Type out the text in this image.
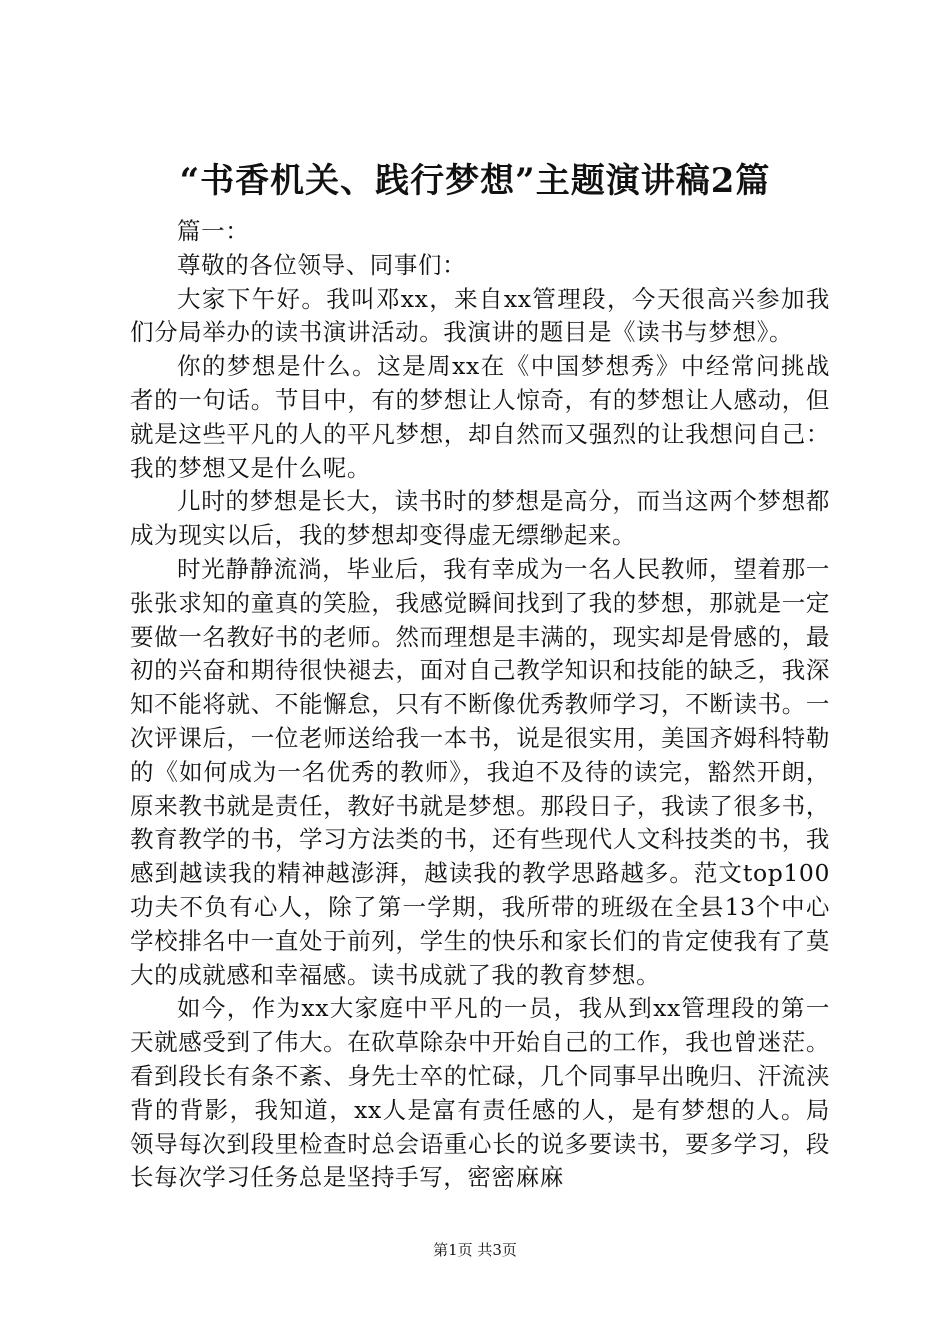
“书香机关、践行梦想”主题演讲稿2篇

篇一：

尊敬的各位领导、同事们：

大家下午好。我叫邓xx，来自xx管理段，今天很高兴参加我们分局举办的读书演讲活动。我演讲的题目是《读书与梦想》。

你的梦想是什么。这是周xx在《中国梦想秀》中经常问挑战者的一句话。节目中，有的梦想让人惊奇，有的梦想让人感动，但就是这些平凡的人的平凡梦想，却自然而又强烈的让我想问自己：我的梦想又是什么呢。

儿时的梦想是长大，读书时的梦想是高分，而当这两个梦想都成为现实以后，我的梦想却变得虚无缥缈起来。

时光静静流淌，毕业后，我有幸成为一名人民教师，望着那一张张求知的童真的笑脸，我感觉瞬间找到了我的梦想，那就是一定要做一名教好书的老师。然而理想是丰满的，现实却是骨感的，最初的兴奋和期待很快褪去，面对自己教学知识和技能的缺乏，我深知不能将就、不能懈怠，只有不断像优秀教师学习，不断读书。一次评课后，一位老师送给我一本书，说是很实用，美国齐姆科特勒的《如何成为一名优秀的教师》，我迫不及待的读完，豁然开朗，原来教书就是责任，教好书就是梦想。那段日子，我读了很多书，教育教学的书，学习方法类的书，还有些现代人文科技类的书，我感到越读我的精神越澎湃，越读我的教学思路越多。范文top100功夫不负有心人，除了第一学期，我所带的班级在全县13个中心学校排名中一直处于前列，学生的快乐和家长们的肯定使我有了莫大的成就感和幸福感。读书成就了我的教育梦想。

如今，作为xx大家庭中平凡的一员，我从到xx管理段的第一天就感受到了伟大。在砍草除杂中开始自己的工作，我也曾迷茫。看到段长有条不紊、身先士卒的忙碌，几个同事早出晚归、汗流浃背的背影，我知道，xx人是富有责任感的人，是有梦想的人。局领导每次到段里检查时总会语重心长的说多要读书，要多学习，段长每次学习任务总是坚持手写，密密麻麻

第1页 共3页
